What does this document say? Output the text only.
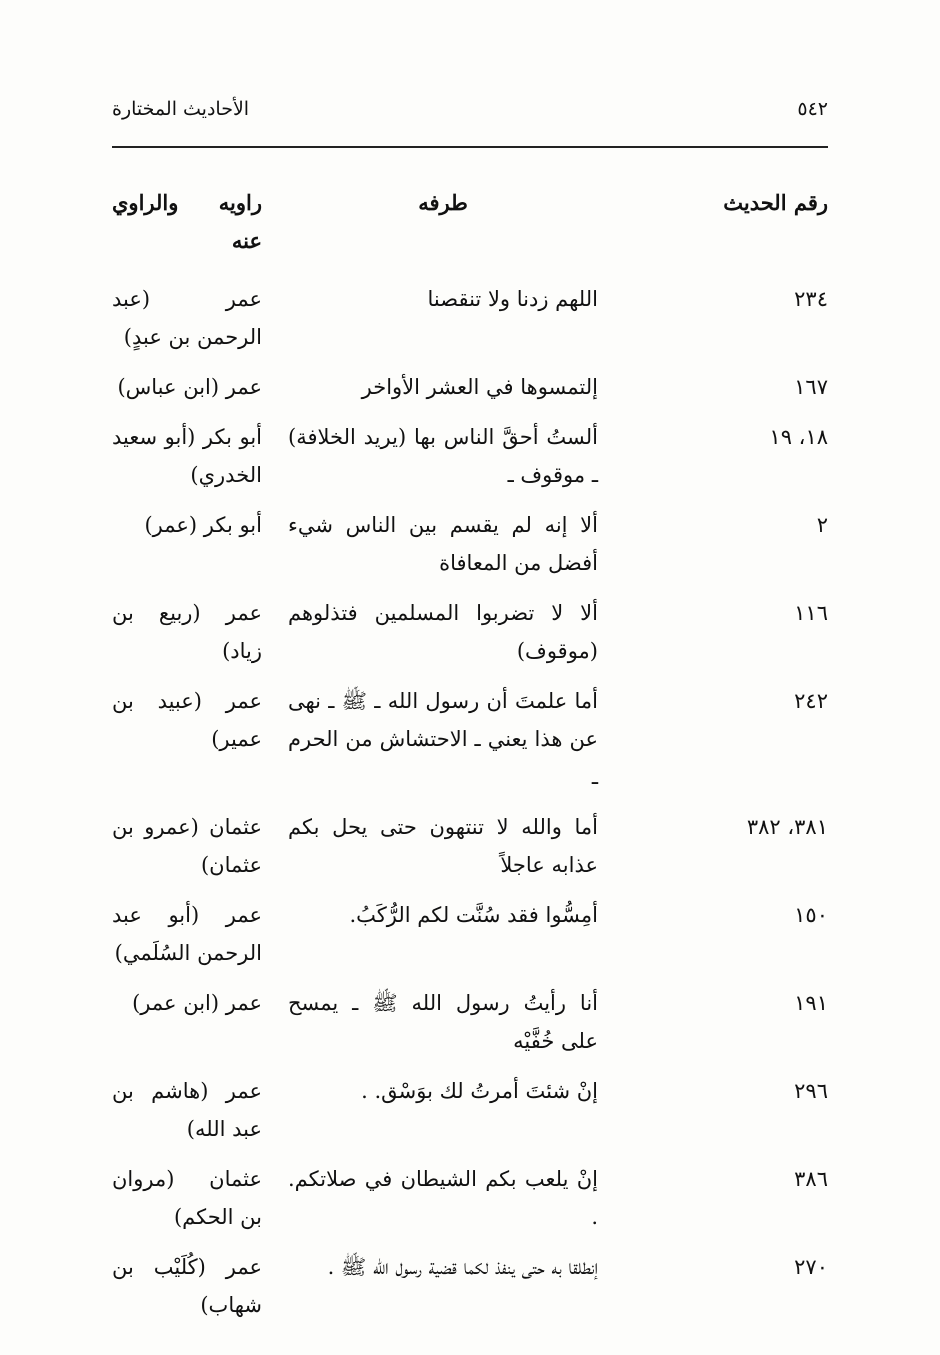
٥٤٢
الأحاديث المختارة
رقم الحديث
طرفه
راويه والراوي عنه
٢٣٤
اللهم زدنا ولا تنقصنا
عمر (عبد الرحمن بن عبدٍ)
١٦٧
إلتمسوها في العشر الأواخر
عمر (ابن عباس)
١٨، ١٩
ألستُ أحقَّ الناس بها (يريد الخلافة) ـ موقوف ـ
أبو بكر (أبو سعيد الخدري)
٢
ألا إنه لم يقسم بين الناس شيء أفضل من المعافاة
أبو بكر (عمر)
١١٦
ألا لا تضربوا المسلمين فتذلوهم (موقوف)
عمر (ربيع بن زياد)
٢٤٢
أما علمتَ أن رسول الله ـ ﷺ ـ نهى عن هذا يعني ـ الاحتشاش من الحرم ـ
عمر (عبيد بن عمير)
٣٨١، ٣٨٢
أما والله لا تنتهون حتى يحل بكم عذابه عاجلاً
عثمان (عمرو بن عثمان)
١٥٠
أمِسُّوا فقد سُنَّت لكم الرُّكَبُ.
عمر (أبو عبد الرحمن السُلَمي)
١٩١
أنا رأيتُ رسول الله ﷺ ـ يمسح على خُفَّيْه
عمر (ابن عمر)
٢٩٦
إنْ شئتَ أمرتُ لك بوَسْق. .
عمر (هاشم بن عبد الله)
٣٨٦
إنْ يلعب بكم الشيطان في صلاتكم. .
عثمان (مروان بن الحكم)
٢٧٠
إنطلقا به حتى ينفذ لكما قضية رسول الله ﷺ .
عمر (كُلَيْب بن شهاب)
